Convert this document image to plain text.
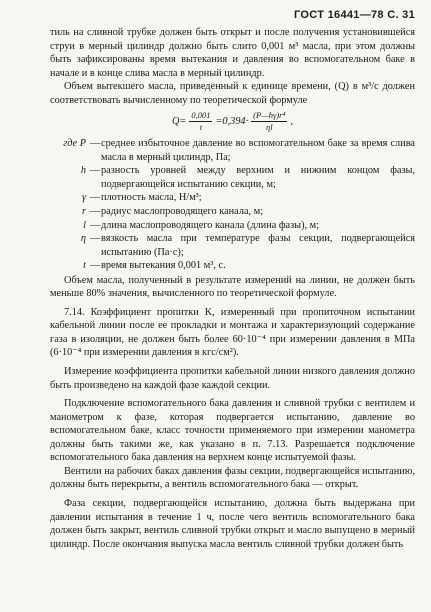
ГОСТ 16441—78 С. 31

тиль на сливной трубке должен быть открыт и после получения установившейся струи в мерный цилиндр должно быть слито 0,001 м³ масла, при этом должны быть зафиксированы время вытекания и давления во вспомогательном баке в начале и в конце слива масла в мерный цилиндр.

Объем вытекшего масла, приведенный к единице времени, (Q) в м³/с должен соответствовать вычисленному по теоретической формуле

$Q= \frac{0,001}{t} =0,394\cdot \frac{\text{(P—hγ)r⁴}}{\eta l}$ ,
где P — среднее избыточное давление во вспомогательном баке за время слива масла в мерный цилиндр, Па;
h — разность уровней между верхним и нижним концом фазы, подвергающейся испытанию секции, м;
γ — плотность масла, Н/м³;
r — радиус маслопроводящего канала, м;
l — длина маслопроводящего канала (длина фазы), м;
η — вязкость масла при температуре фазы секции, подвергающейся испытанию (Па·с);
t — время вытекания 0,001 м³, с.

Объем масла, полученный в результате измерений на линии, не должен быть меньше 80% значения, вычисленного по теоретической формуле.

7.14. Коэффициент пропитки K, измеренный при пропиточном испытании кабельной линии после ее прокладки и монтажа и характеризующий содержание газа в изоляции, не должен быть более 60·10⁻⁴ при измерении давления в МПа (6·10⁻⁴ при измерении давления в кгс/см²).

Измерение коэффициента пропитки кабельной линии низкого давления должно быть произведено на каждой фазе каждой секции.

Подключение вспомогательного бака давления и сливной трубки с вентилем и манометром к фазе, которая подвергается испытанию, давление во вспомогательном баке, класс точности применяемого при измерении манометра должны быть такими же, как указано в п. 7.13. Разрешается подключение вспомогательного бака давления на верхнем конце испытуемой фазы.

Вентили на рабочих баках давления фазы секции, подвергающейся испытанию, должны быть перекрыты, а вентиль вспомогательного бака — открыт.

Фаза секции, подвергающейся испытанию, должна быть выдержана при давлении испытания в течение 1 ч, после чего вентиль вспомогательного бака должен быть закрыт, вентиль сливной трубки открыт и масло выпущено в мерный цилиндр. После окончания выпуска масла вентиль сливной трубки должен быть
